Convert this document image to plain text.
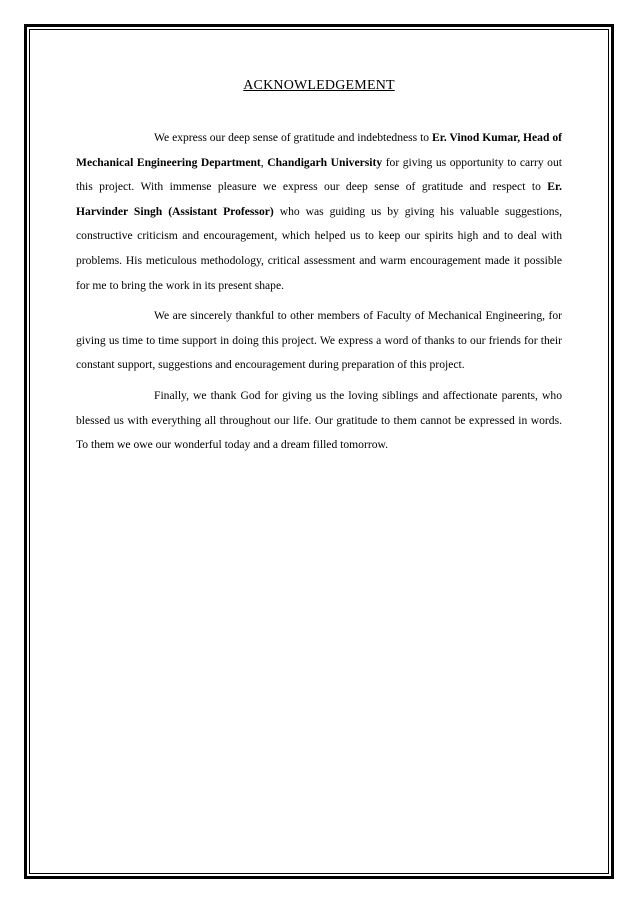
ACKNOWLEDGEMENT

We express our deep sense of gratitude and indebtedness to Er. Vinod Kumar, Head of Mechanical Engineering Department, Chandigarh University for giving us opportunity to carry out this project. With immense pleasure we express our deep sense of gratitude and respect to Er. Harvinder Singh (Assistant Professor) who was guiding us by giving his valuable suggestions, constructive criticism and encouragement, which helped us to keep our spirits high and to deal with problems. His meticulous methodology, critical assessment and warm encouragement made it possible for me to bring the work in its present shape.

We are sincerely thankful to other members of Faculty of Mechanical Engineering, for giving us time to time support in doing this project. We express a word of thanks to our friends for their constant support, suggestions and encouragement during preparation of this project.

Finally, we thank God for giving us the loving siblings and affectionate parents, who blessed us with everything all throughout our life. Our gratitude to them cannot be expressed in words. To them we owe our wonderful today and a dream filled tomorrow.
